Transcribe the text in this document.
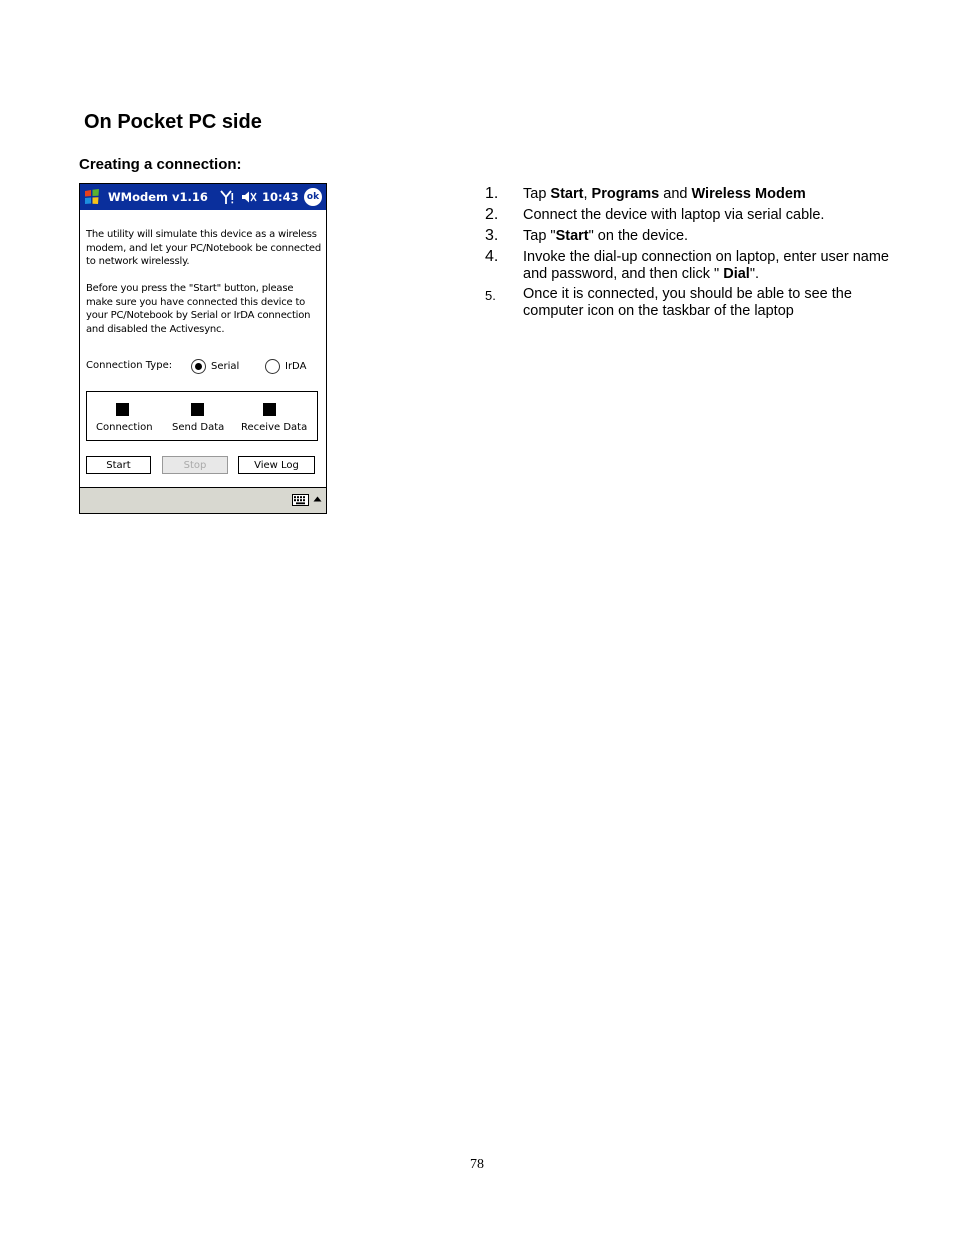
On Pocket PC side
Creating a connection:
WModem v1.16	10:43 ok

The utility will simulate this device as a wireless modem, and let your PC/Notebook be connected to network wirelessly.

Before you press the "Start" button, please make sure you have connected this device to your PC/Notebook by Serial or IrDA connection and disabled the Activesync.

Connection Type:	Serial	IrDA
Connection Send Data Receive Data
Start	Stop	View Log
1. Tap Start, Programs and Wireless Modem
2. Connect the device with laptop via serial cable.
3. Tap "Start" on the device.
4. Invoke the dial-up connection on laptop, enter user name and password, and then click " Dial".
5. Once it is connected, you should be able to see the computer icon on the taskbar of the laptop
78
